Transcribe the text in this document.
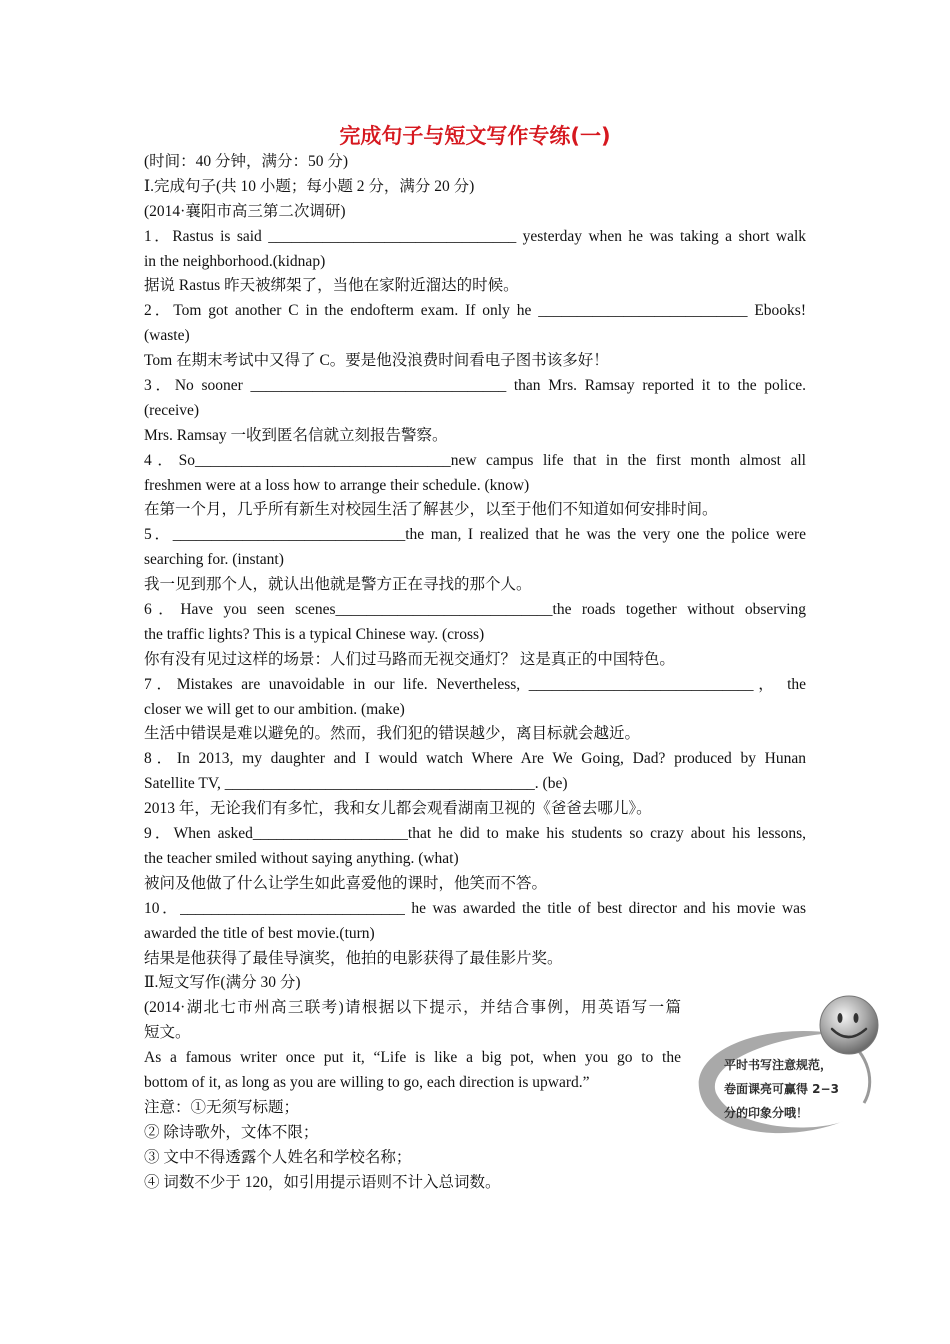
完成句子与短文写作专练(一)
(时间：40 分钟，满分：50 分)
Ⅰ.完成句子(共 10 小题；每小题 2 分，满分 20 分)
(2014·襄阳市高三第二次调研)
1．Rastus is said ________________________________ yesterday when he was taking a short walk
in the neighborhood.(kidnap)
据说 Rastus 昨天被绑架了，当他在家附近溜达的时候。
2．Tom got another C in the endofterm exam. If only he ___________________________ Ebooks!
(waste)
Tom 在期末考试中又得了 C。要是他没浪费时间看电子图书该多好！
3．No sooner _________________________________ than Mrs. Ramsay reported it to the police.
(receive)
Mrs. Ramsay 一收到匿名信就立刻报告警察。
4．So_________________________________new campus life that in the first month almost all
freshmen were at a loss how to arrange their schedule. (know)
在第一个月，几乎所有新生对校园生活了解甚少，以至于他们不知道如何安排时间。
5．______________________________the man, I realized that he was the very one the police were
searching for. (instant)
我一见到那个人，就认出他就是警方正在寻找的那个人。
6．Have you seen scenes____________________________the roads together without observing
the traffic lights? This is a typical Chinese way. (cross)
你有没有见过这样的场景：人们过马路而无视交通灯？ 这是真正的中国特色。
7．Mistakes are unavoidable in our life. Nevertheless, _____________________________， the
closer we will get to our ambition. (make)
生活中错误是难以避免的。然而，我们犯的错误越少，离目标就会越近。
8．In 2013, my daughter and I would watch Where Are We Going, Dad? produced by Hunan
Satellite TV, ________________________________________. (be)
2013 年，无论我们有多忙，我和女儿都会观看湖南卫视的《爸爸去哪儿》。
9．When asked____________________that he did to make his students so crazy about his lessons,
the teacher smiled without saying anything. (what)
被问及他做了什么让学生如此喜爱他的课时，他笑而不答。
10．_____________________________ he was awarded the title of best director and his movie was
awarded the title of best movie.(turn)
结果是他获得了最佳导演奖，他拍的电影获得了最佳影片奖。
Ⅱ.短文写作(满分 30 分)
(2014·湖北七市州高三联考)请根据以下提示，并结合事例，用英语写一篇
短文。
As a famous writer once put it, “Life is like a big pot, when you go to the
bottom of it, as long as you are willing to go, each direction is upward.”
注意：①无须写标题；
② 除诗歌外，文体不限；
③ 文中不得透露个人姓名和学校名称；
④ 词数不少于 120，如引用提示语则不计入总词数。
平时书写注意规范，
卷面课亮可赢得 2−3
分的印象分哦！
